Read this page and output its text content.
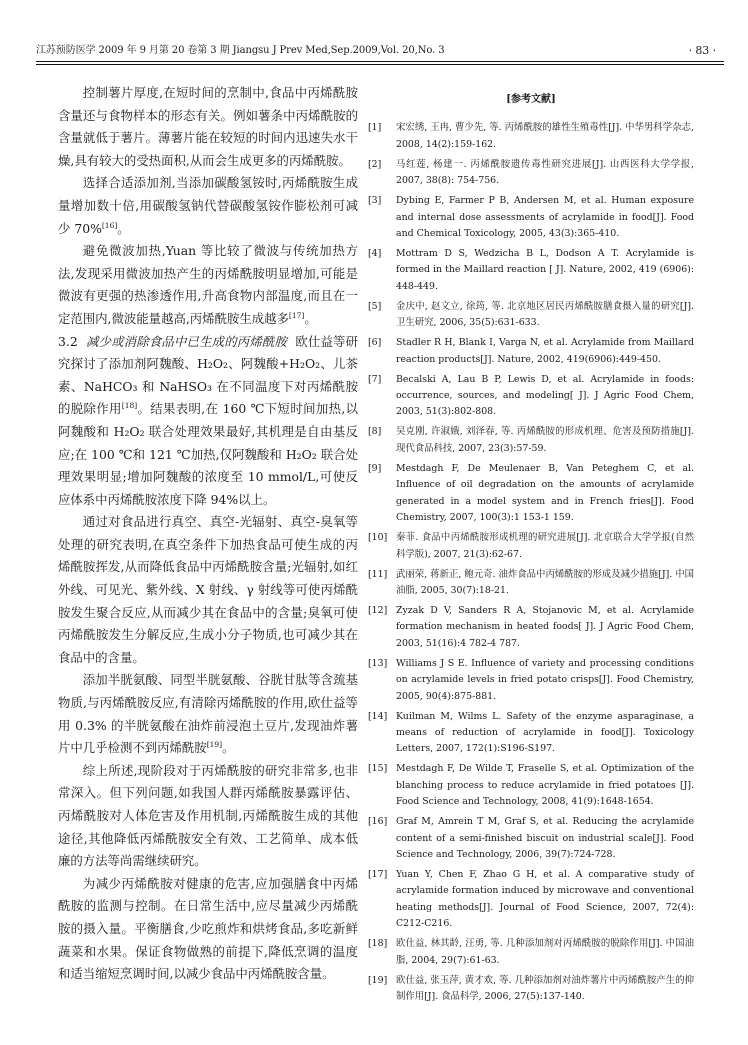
江苏预防医学 2009 年 9 月第 20 卷第 3 期 Jiangsu J Prev Med,Sep.2009,Vol. 20,No. 3	· 83 ·

控制薯片厚度,在短时间的烹制中,食品中丙烯酰胺含量还与食物样本的形态有关。例如薯条中丙烯酰胺的含量就低于薯片。薄薯片能在较短的时间内迅速失水干燥,具有较大的受热面积,从而会生成更多的丙烯酰胺。

选择合适添加剂,当添加碳酸氢铵时,丙烯酰胺生成量增加数十倍,用碳酸氢钠代替碳酸氢铵作膨松剂可减少 70%[16]。

避免微波加热,Yuan 等比较了微波与传统加热方法,发现采用微波加热产生的丙烯酰胺明显增加,可能是微波有更强的热渗透作用,升高食物内部温度,而且在一定范围内,微波能量越高,丙烯酰胺生成越多[17]。

3.2 减少或消除食品中已生成的丙烯酰胺 欧仕益等研究探讨了添加剂阿魏酸、H₂O₂、阿魏酸+H₂O₂、儿茶素、NaHCO₃ 和 NaHSO₃ 在不同温度下对丙烯酰胺的脱除作用[18]。结果表明,在 160 ℃下短时间加热,以阿魏酸和 H₂O₂ 联合处理效果最好,其机理是自由基反应;在 100 ℃和 121 ℃加热,仅阿魏酸和 H₂O₂ 联合处理效果明显;增加阿魏酸的浓度至 10 mmol/L,可使反应体系中丙烯酰胺浓度下降 94%以上。

通过对食品进行真空、真空-光辐射、真空-臭氧等处理的研究表明,在真空条件下加热食品可使生成的丙烯酰胺挥发,从而降低食品中丙烯酰胺含量;光辐射,如红外线、可见光、紫外线、X 射线、γ 射线等可使丙烯酰胺发生聚合反应,从而减少其在食品中的含量;臭氧可使丙烯酰胺发生分解反应,生成小分子物质,也可减少其在食品中的含量。

添加半胱氨酸、同型半胱氨酸、谷胱甘肽等含巯基物质,与丙烯酰胺反应,有清除丙烯酰胺的作用,欧仕益等用 0.3% 的半胱氨酸在油炸前浸泡土豆片,发现油炸薯片中几乎检测不到丙烯酰胺[19]。

综上所述,现阶段对于丙烯酰胺的研究非常多,也非常深入。但下列问题,如我国人群丙烯酰胺暴露评估、丙烯酰胺对人体危害及作用机制,丙烯酰胺生成的其他途径,其他降低丙烯酰胺安全有效、工艺简单、成本低廉的方法等尚需继续研究。

为减少丙烯酰胺对健康的危害,应加强膳食中丙烯酰胺的监测与控制。在日常生活中,应尽量减少丙烯酰胺的摄入量。平衡膳食,少吃煎炸和烘烤食品,多吃新鲜蔬菜和水果。保证食物做熟的前提下,降低烹调的温度和适当缩短烹调时间,以减少食品中丙烯酰胺含量。

[参考文献]
[1]	宋宏绣, 王冉, 曹少先, 等. 丙烯酰胺的雄性生殖毒性[J]. 中华男科学杂志, 2008, 14(2):159-162.
[2]	马红莲, 杨建一. 丙烯酰胺遗传毒性研究进展[J]. 山西医科大学学报, 2007, 38(8): 754-756.
[3]	Dybing E, Farmer P B, Andersen M, et al. Human exposure and internal dose assessments of acrylamide in food[J]. Food and Chemical Toxicology, 2005, 43(3):365-410.
[4]	Mottram D S, Wedzicha B L, Dodson A T. Acrylamide is formed in the Maillard reaction [ J]. Nature, 2002, 419 (6906): 448-449.
[5]	金庆中, 赵文立, 徐筠, 等. 北京地区居民丙烯酰胺膳食摄入量的研究[J]. 卫生研究, 2006, 35(5):631-633.
[6]	Stadler R H, Blank I, Varga N, et al. Acrylamide from Maillard reaction products[J]. Nature, 2002, 419(6906):449-450.
[7]	Becalski A, Lau B P, Lewis D, et al. Acrylamide in foods: occurrence, sources, and modeling[ J]. J Agric Food Chem, 2003, 51(3):802-808.
[8]	吴克刚, 许淑娥, 刘泽春, 等. 丙烯酰胺的形成机理、危害及预防措施[J]. 现代食品科技, 2007, 23(3):57-59.
[9]	Mestdagh F, De Meulenaer B, Van Peteghem C, et al. Influence of oil degradation on the amounts of acrylamide generated in a model system and in French fries[J]. Food Chemistry, 2007, 100(3):1 153-1 159.
[10] 秦菲. 食品中丙烯酰胺形成机理的研究进展[J]. 北京联合大学学报(自然科学版), 2007, 21(3):62-67.
[11] 武丽荣, 蒋新正, 鲍元奇. 油炸食品中丙烯酰胺的形成及减少措施[J]. 中国油脂, 2005, 30(7):18-21.
[12] Zyzak D V, Sanders R A, Stojanovic M, et al. Acrylamide formation mechanism in heated foods[ J]. J Agric Food Chem, 2003, 51(16):4 782-4 787.
[13] Williams J S E. Influence of variety and processing conditions on acrylamide levels in fried potato crisps[J]. Food Chemistry, 2005, 90(4):875-881.
[14] Kuilman M, Wilms L. Safety of the enzyme asparaginase, a means of reduction of acrylamide in food[J]. Toxicology Letters, 2007, 172(1):S196-S197.
[15] Mestdagh F, De Wilde T, Fraselle S, et al. Optimization of the blanching process to reduce acrylamide in fried potatoes [J]. Food Science and Technology, 2008, 41(9):1648-1654.
[16] Graf M, Amrein T M, Graf S, et al. Reducing the acrylamide content of a semi-finished biscuit on industrial scale[J]. Food Science and Technology, 2006, 39(7):724-728.
[17] Yuan Y, Chen F, Zhao G H, et al. A comparative study of acrylamide formation induced by microwave and conventional heating methods[J]. Journal of Food Science, 2007, 72(4): C212-C216.
[18] 欧仕益, 林其龄, 汪勇, 等. 几种添加剂对丙烯酰胺的脱除作用[J]. 中国油脂, 2004, 29(7):61-63.
[19] 欧仕益, 张玉萍, 黄才欢, 等. 几种添加剂对油炸薯片中丙烯酰胺产生的抑制作用[J]. 食品科学, 2006, 27(5):137-140.
